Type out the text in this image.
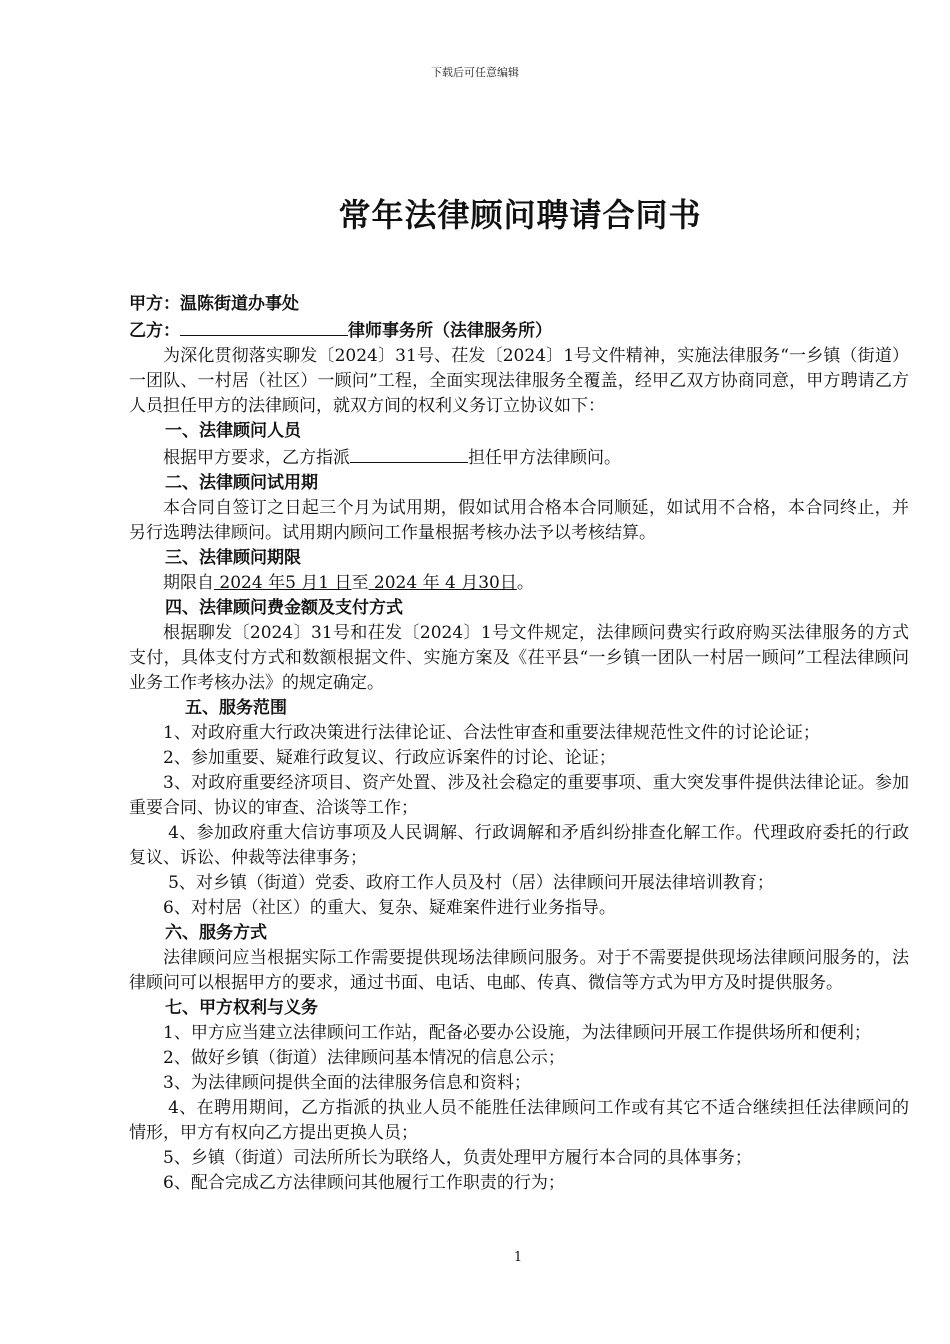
下载后可任意编辑
常年法律顾问聘请合同书
甲方：温陈街道办事处
乙方：	律师事务所（法律服务所）
为深化贯彻落实聊发〔2024〕31号、茌发〔2024〕1号文件精神，实施法律服务“一乡镇（街道）一团队、一村居（社区）一顾问”工程，全面实现法律服务全覆盖，经甲乙双方协商同意，甲方聘请乙方人员担任甲方的法律顾问，就双方间的权利义务订立协议如下：
一、法律顾问人员
根据甲方要求，乙方指派	担任甲方法律顾问。
二、法律顾问试用期
本合同自签订之日起三个月为试用期，假如试用合格本合同顺延，如试用不合格，本合同终止，并另行选聘法律顾问。试用期内顾问工作量根据考核办法予以考核结算。
三、法律顾问期限
期限自 2024 年5 月1 日至 2024 年 4 月30日。
四、法律顾问费金额及支付方式
根据聊发〔2024〕31号和茌发〔2024〕1号文件规定，法律顾问费实行政府购买法律服务的方式支付，具体支付方式和数额根据文件、实施方案及《茌平县“一乡镇一团队一村居一顾问”工程法律顾问业务工作考核办法》的规定确定。
五、服务范围
1、对政府重大行政决策进行法律论证、合法性审查和重要法律规范性文件的讨论论证；
2、参加重要、疑难行政复议、行政应诉案件的讨论、论证；
3、对政府重要经济项目、资产处置、涉及社会稳定的重要事项、重大突发事件提供法律论证。参加重要合同、协议的审查、洽谈等工作；
4、参加政府重大信访事项及人民调解、行政调解和矛盾纠纷排查化解工作。代理政府委托的行政复议、诉讼、仲裁等法律事务；
5、对乡镇（街道）党委、政府工作人员及村（居）法律顾问开展法律培训教育；
6、对村居（社区）的重大、复杂、疑难案件进行业务指导。
六、服务方式
法律顾问应当根据实际工作需要提供现场法律顾问服务。对于不需要提供现场法律顾问服务的，法律顾问可以根据甲方的要求，通过书面、电话、电邮、传真、微信等方式为甲方及时提供服务。
七、甲方权利与义务
1、甲方应当建立法律顾问工作站，配备必要办公设施，为法律顾问开展工作提供场所和便利；
2、做好乡镇（街道）法律顾问基本情况的信息公示；
3、为法律顾问提供全面的法律服务信息和资料；
4、在聘用期间，乙方指派的执业人员不能胜任法律顾问工作或有其它不适合继续担任法律顾问的情形，甲方有权向乙方提出更换人员；
5、乡镇（街道）司法所所长为联络人，负责处理甲方履行本合同的具体事务；
6、配合完成乙方法律顾问其他履行工作职责的行为；
1
